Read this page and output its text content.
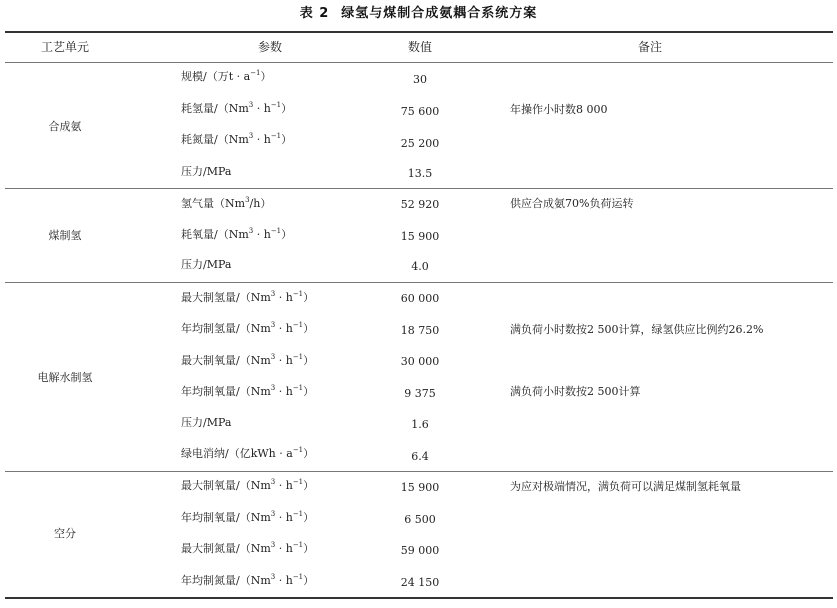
表 2 绿氢与煤制合成氨耦合系统方案
工艺单元	参数	数值	备注
合成氨
规模/（万$t \cdot a^{-1}$）	30
耗氢量$/(Nm^3 \cdot h^{-1})$	75 600	年操作小时数8 000
耗氮量$/(Nm^3 \cdot h^{-1})$	25 200
压力/MPa	13.5
煤制氢
氢气量（Nm$^3$/h）	52 920	供应合成氨70%负荷运转
耗氧量$/(Nm^3 \cdot h^{-1})$	15 900
压力/MPa	4.0
电解水制氢
最大制氢量$/(Nm^3 \cdot h^{-1})$	60 000
年均制氢量$/(Nm^3 \cdot h^{-1})$	18 750	满负荷小时数按2 500计算，绿氢供应比例约26.2%
最大制氧量$/(Nm^3 \cdot h^{-1})$	30 000
年均制氧量$/(Nm^3 \cdot h^{-1})$	9 375	满负荷小时数按2 500计算
压力/MPa	1.6
绿电消纳/（亿kWh · $a^{-1}$）	6.4
空分
最大制氧量$/(Nm^3 \cdot h^{-1})$	15 900	为应对极端情况，满负荷可以满足煤制氢耗氧量
年均制氧量$/(Nm^3 \cdot h^{-1})$	6 500
最大制氮量$/(Nm^3 \cdot h^{-1})$	59 000
年均制氮量$/(Nm^3 \cdot h^{-1})$	24 150
